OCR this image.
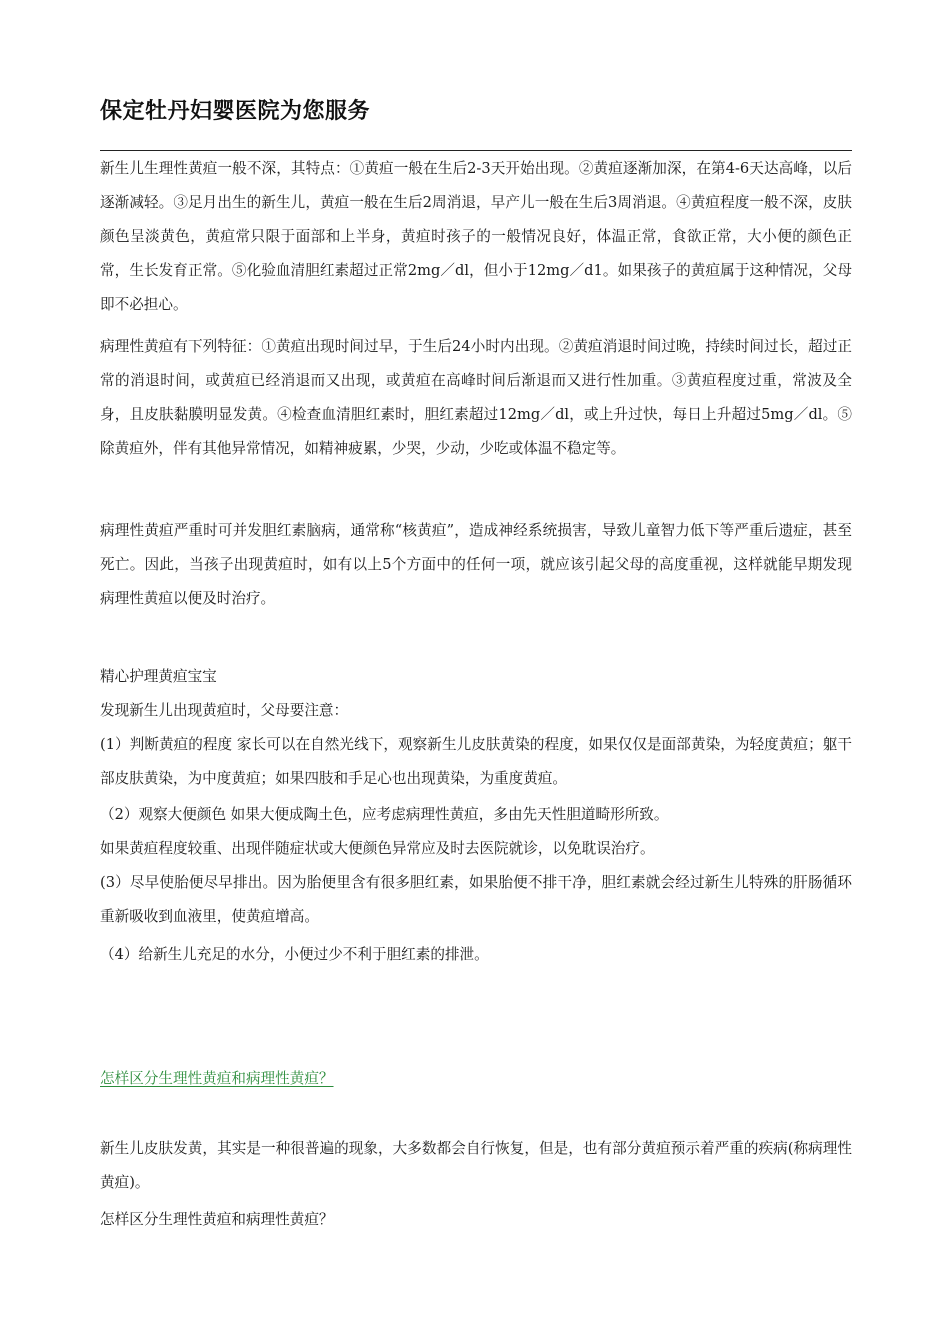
保定牡丹妇婴医院为您服务

新生儿生理性黄疸一般不深，其特点：①黄疸一般在生后2-3天开始出现。②黄疸逐渐加深，在第4-6天达高峰，以后逐渐减轻。③足月出生的新生儿，黄疸一般在生后2周消退，早产儿一般在生后3周消退。④黄疸程度一般不深，皮肤颜色呈淡黄色，黄疸常只限于面部和上半身，黄疸时孩子的一般情况良好，体温正常，食欲正常，大小便的颜色正常，生长发育正常。⑤化验血清胆红素超过正常2mg／dl，但小于12mg／d1。如果孩子的黄疸属于这种情况，父母即不必担心。

病理性黄疸有下列特征：①黄疸出现时间过早，于生后24小时内出现。②黄疸消退时间过晚，持续时间过长，超过正常的消退时间，或黄疸已经消退而又出现，或黄疸在高峰时间后渐退而又进行性加重。③黄疸程度过重，常波及全身，且皮肤黏膜明显发黄。④检查血清胆红素时，胆红素超过12mg／dl，或上升过快，每日上升超过5mg／dl。⑤除黄疸外，伴有其他异常情况，如精神疲累，少哭，少动，少吃或体温不稳定等。

病理性黄疸严重时可并发胆红素脑病，通常称“核黄疸”，造成神经系统损害，导致儿童智力低下等严重后遗症，甚至死亡。因此，当孩子出现黄疸时，如有以上5个方面中的任何一项，就应该引起父母的高度重视，这样就能早期发现病理性黄疸以便及时治疗。

精心护理黄疸宝宝

发现新生儿出现黄疸时，父母要注意：

(1）判断黄疸的程度 家长可以在自然光线下，观察新生儿皮肤黄染的程度，如果仅仅是面部黄染，为轻度黄疸；躯干部皮肤黄染，为中度黄疸；如果四肢和手足心也出现黄染，为重度黄疸。

（2）观察大便颜色 如果大便成陶土色，应考虑病理性黄疸，多由先天性胆道畸形所致。

如果黄疸程度较重、出现伴随症状或大便颜色异常应及时去医院就诊，以免耽误治疗。

(3）尽早使胎便尽早排出。因为胎便里含有很多胆红素，如果胎便不排干净，胆红素就会经过新生儿特殊的肝肠循环重新吸收到血液里，使黄疸增高。

（4）给新生儿充足的水分，小便过少不利于胆红素的排泄。

怎样区分生理性黄疸和病理性黄疸？

新生儿皮肤发黄，其实是一种很普遍的现象，大多数都会自行恢复，但是，也有部分黄疸预示着严重的疾病(称病理性黄疸)。

怎样区分生理性黄疸和病理性黄疸？
